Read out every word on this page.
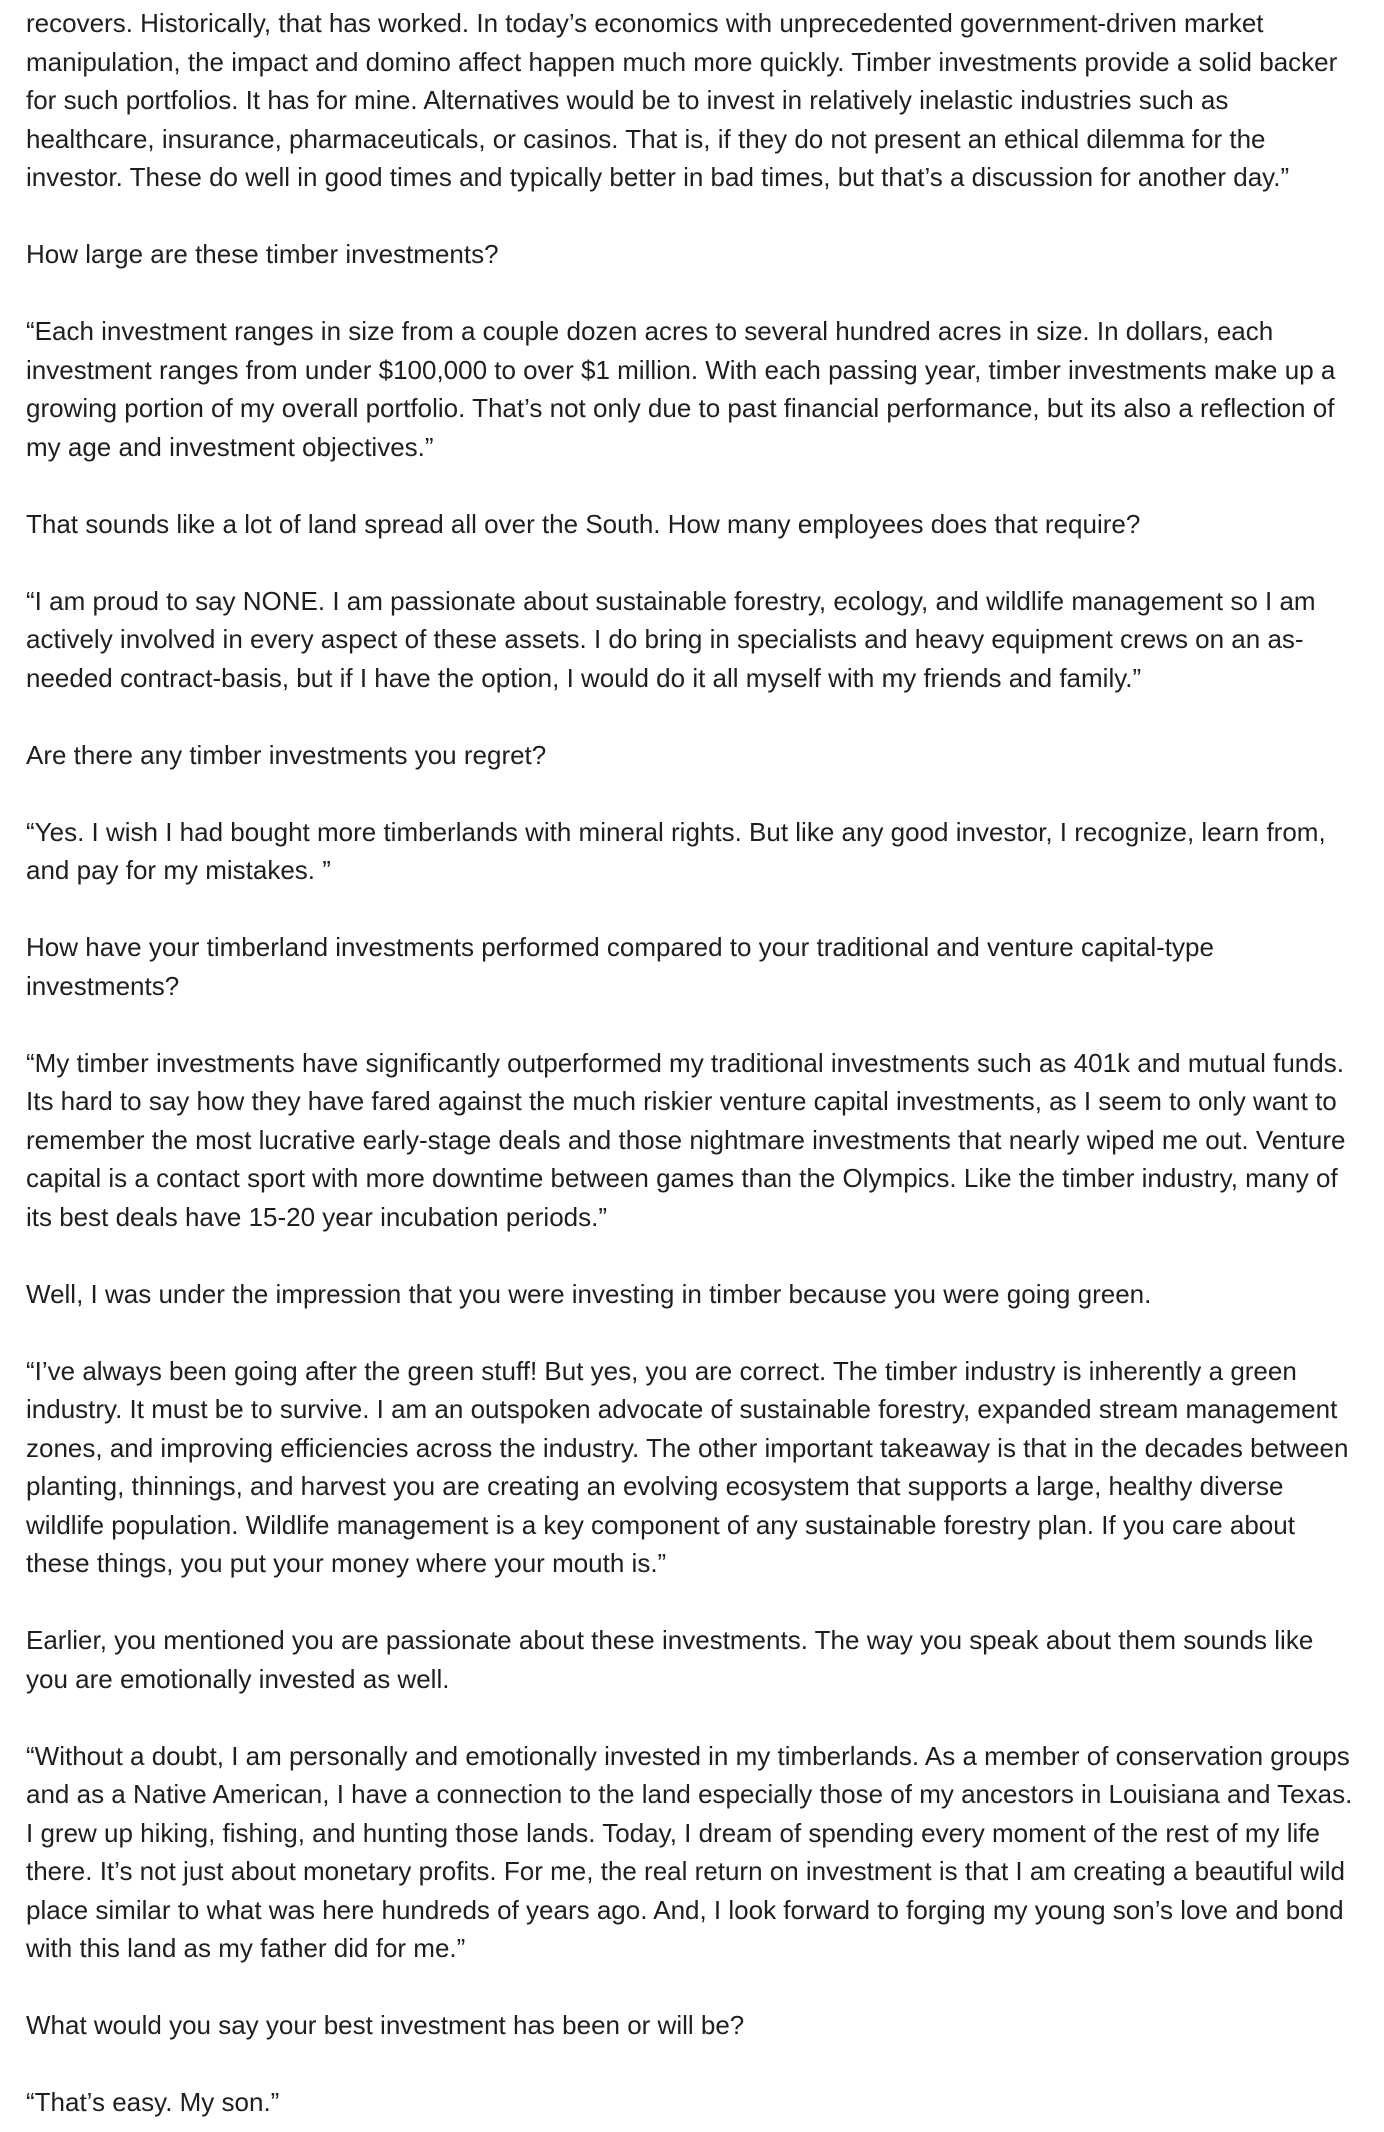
recovers. Historically, that has worked. In today’s economics with unprecedented government-driven market manipulation, the impact and domino affect happen much more quickly. Timber investments provide a solid backer for such portfolios. It has for mine. Alternatives would be to invest in relatively inelastic industries such as healthcare, insurance, pharmaceuticals, or casinos. That is, if they do not present an ethical dilemma for the investor. These do well in good times and typically better in bad times, but that’s a discussion for another day.”

How large are these timber investments?

“Each investment ranges in size from a couple dozen acres to several hundred acres in size. In dollars, each investment ranges from under $100,000 to over $1 million. With each passing year, timber investments make up a growing portion of my overall portfolio. That’s not only due to past financial performance, but its also a reflection of my age and investment objectives.”

That sounds like a lot of land spread all over the South. How many employees does that require?

“I am proud to say NONE. I am passionate about sustainable forestry, ecology, and wildlife management so I am actively involved in every aspect of these assets. I do bring in specialists and heavy equipment crews on an as-needed contract-basis, but if I have the option, I would do it all myself with my friends and family.”

Are there any timber investments you regret?

“Yes. I wish I had bought more timberlands with mineral rights. But like any good investor, I recognize, learn from, and pay for my mistakes. ”

How have your timberland investments performed compared to your traditional and venture capital-type investments?

“My timber investments have significantly outperformed my traditional investments such as 401k and mutual funds. Its hard to say how they have fared against the much riskier venture capital investments, as I seem to only want to remember the most lucrative early-stage deals and those nightmare investments that nearly wiped me out. Venture capital is a contact sport with more downtime between games than the Olympics. Like the timber industry, many of its best deals have 15-20 year incubation periods.”

Well, I was under the impression that you were investing in timber because you were going green.

“I’ve always been going after the green stuff! But yes, you are correct. The timber industry is inherently a green industry. It must be to survive. I am an outspoken advocate of sustainable forestry, expanded stream management zones, and improving efficiencies across the industry. The other important takeaway is that in the decades between planting, thinnings, and harvest you are creating an evolving ecosystem that supports a large, healthy diverse wildlife population. Wildlife management is a key component of any sustainable forestry plan. If you care about these things, you put your money where your mouth is.”

Earlier, you mentioned you are passionate about these investments. The way you speak about them sounds like you are emotionally invested as well.

“Without a doubt, I am personally and emotionally invested in my timberlands. As a member of conservation groups and as a Native American, I have a connection to the land especially those of my ancestors in Louisiana and Texas. I grew up hiking, fishing, and hunting those lands. Today, I dream of spending every moment of the rest of my life there. It’s not just about monetary profits. For me, the real return on investment is that I am creating a beautiful wild place similar to what was here hundreds of years ago. And, I look forward to forging my young son’s love and bond with this land as my father did for me.”

What would you say your best investment has been or will be?

“That’s easy. My son.”
